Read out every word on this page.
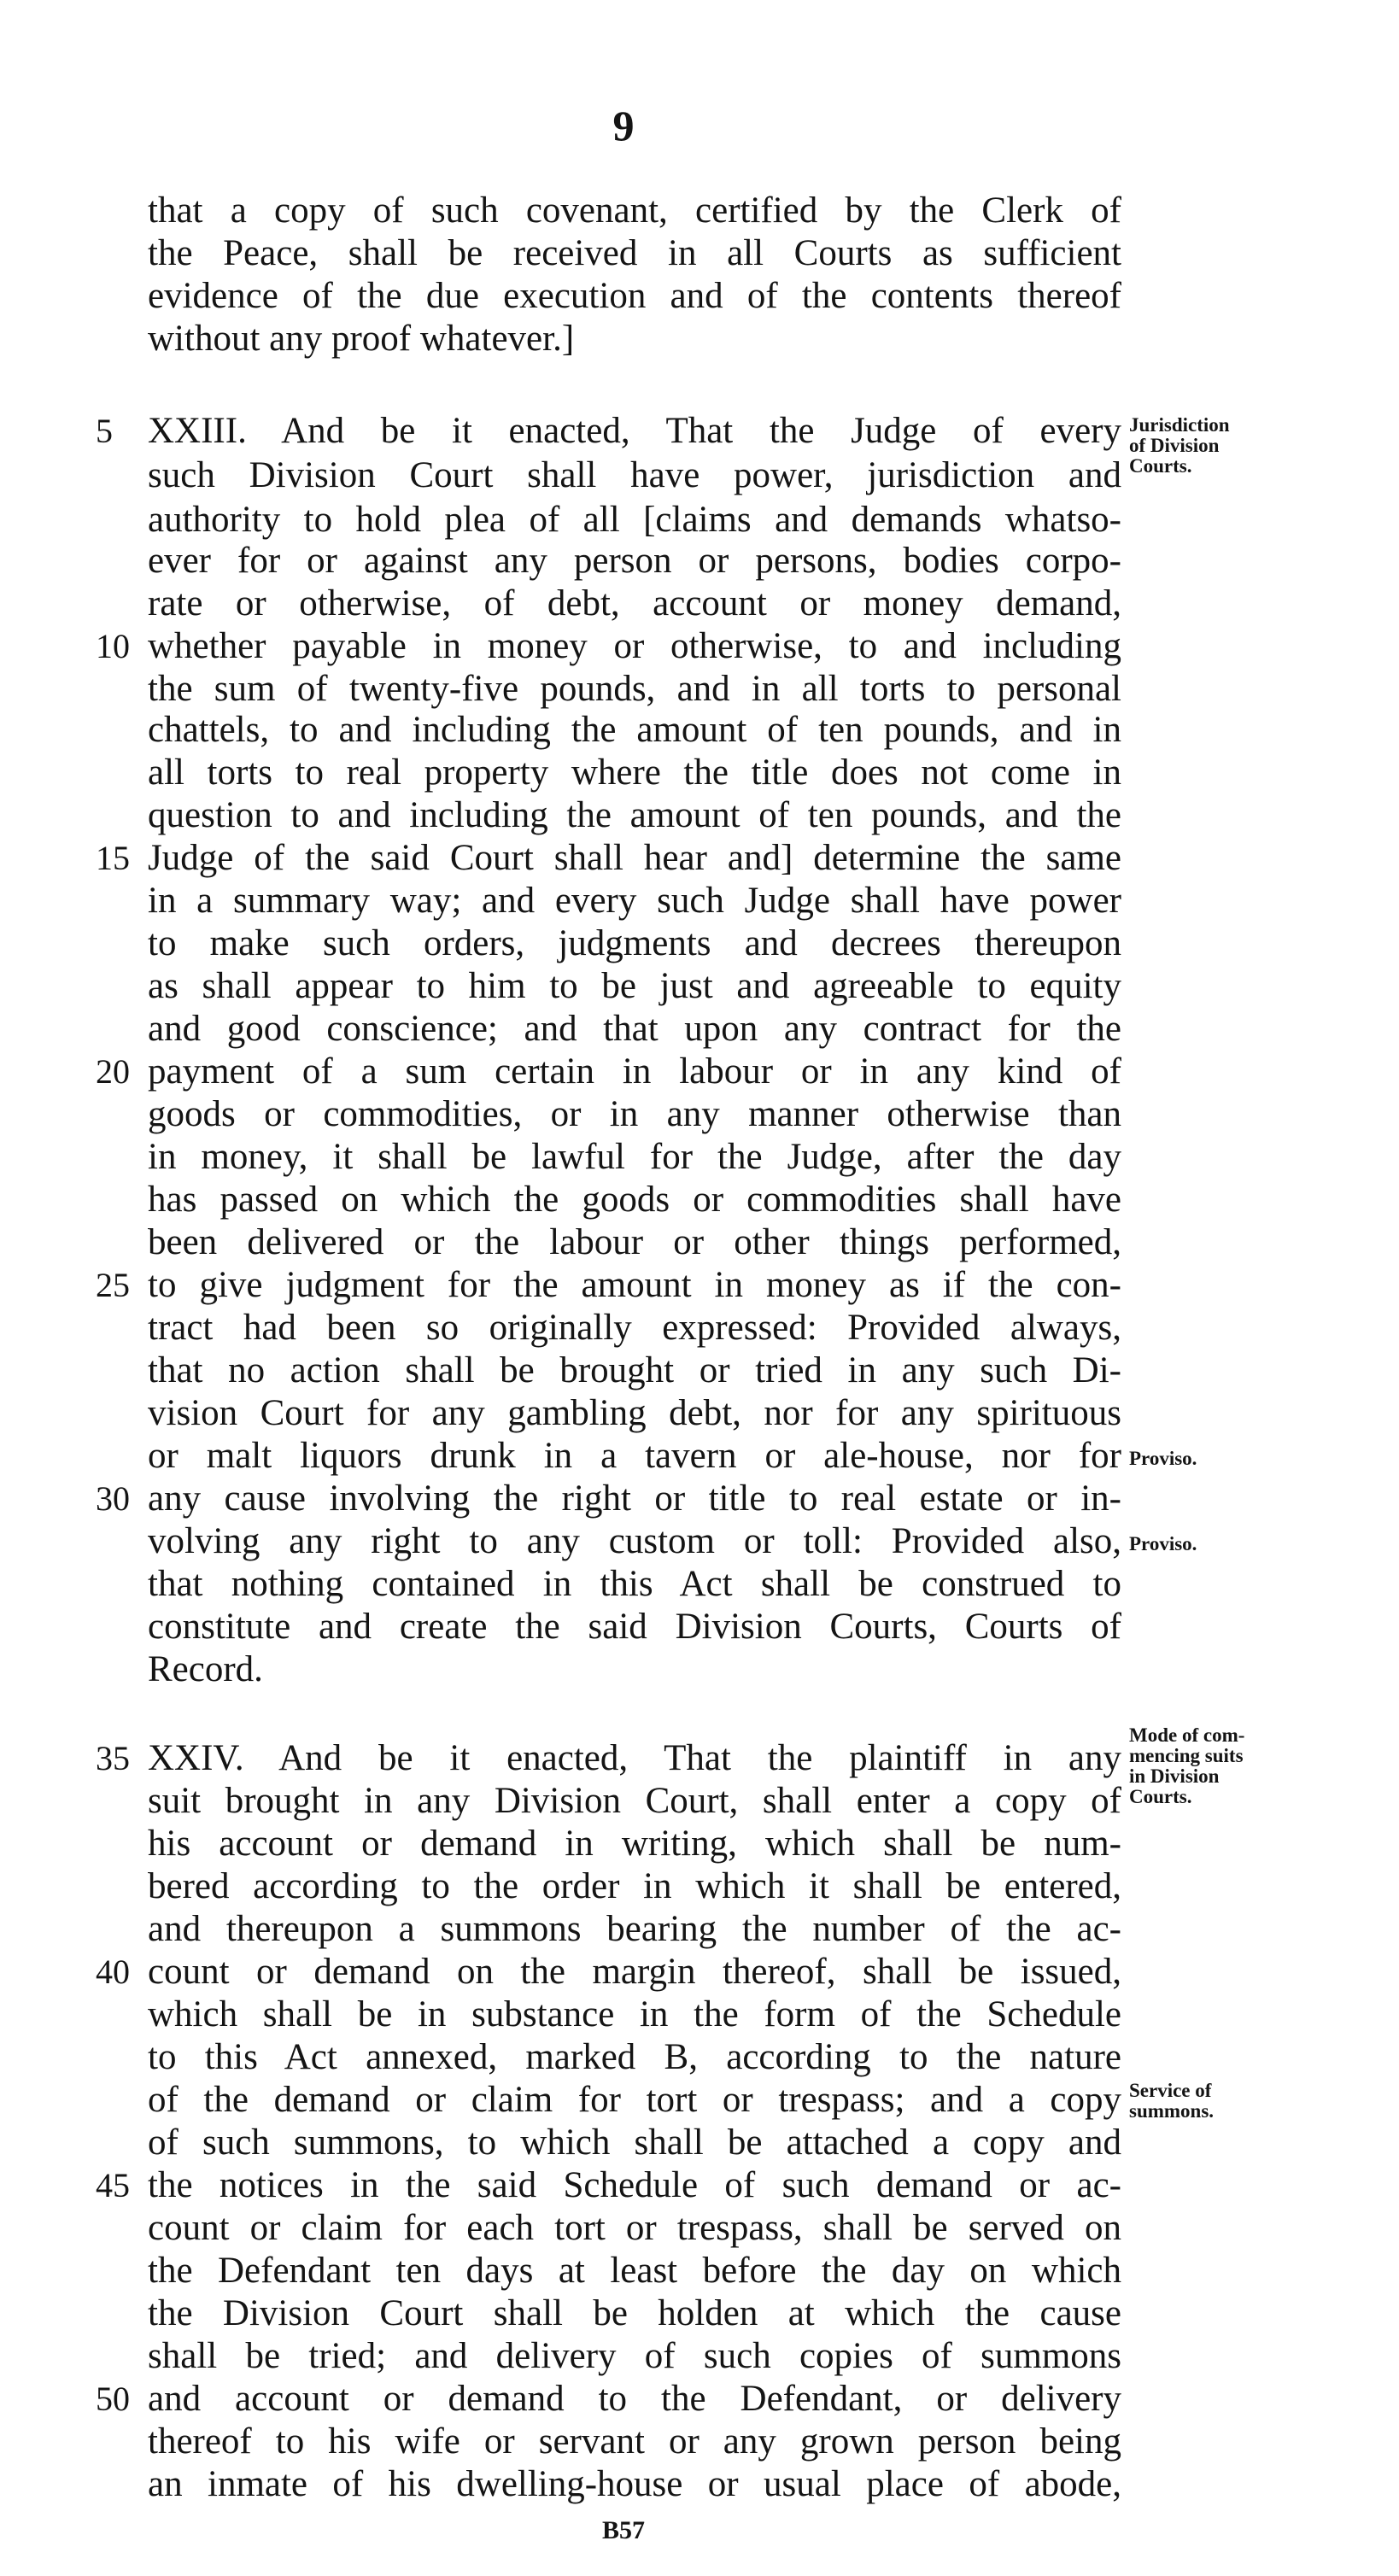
9
that a copy of such covenant, certified by the Clerk of
the Peace, shall be received in all Courts as sufficient
evidence of the due execution and of the contents thereof
without any proof whatever.]
XXIII. And be it enacted, That the Judge of every
5
such Division Court shall have power, jurisdiction and
authority to hold plea of all [claims and demands whatso-
ever for or against any person or persons, bodies corpo-
rate or otherwise, of debt, account or money demand,
whether payable in money or otherwise, to and including
10
the sum of twenty-five pounds, and in all torts to personal
chattels, to and including the amount of ten pounds, and in
all torts to real property where the title does not come in
question to and including the amount of ten pounds, and the
Judge of the said Court shall hear and] determine the same
15
in a summary way; and every such Judge shall have power
to make such orders, judgments and decrees thereupon
as shall appear to him to be just and agreeable to equity
and good conscience; and that upon any contract for the
payment of a sum certain in labour or in any kind of
20
goods or commodities, or in any manner otherwise than
in money, it shall be lawful for the Judge, after the day
has passed on which the goods or commodities shall have
been delivered or the labour or other things performed,
to give judgment for the amount in money as if the con-
25
tract had been so originally expressed: Provided always,
that no action shall be brought or tried in any such Di-
vision Court for any gambling debt, nor for any spirituous
or malt liquors drunk in a tavern or ale-house, nor for
any cause involving the right or title to real estate or in-
30
volving any right to any custom or toll: Provided also,
that nothing contained in this Act shall be construed to
constitute and create the said Division Courts, Courts of
Record.
XXIV. And be it enacted, That the plaintiff in any
35
suit brought in any Division Court, shall enter a copy of
his account or demand in writing, which shall be num-
bered according to the order in which it shall be entered,
and thereupon a summons bearing the number of the ac-
count or demand on the margin thereof, shall be issued,
40
which shall be in substance in the form of the Schedule
to this Act annexed, marked B, according to the nature
of the demand or claim for tort or trespass; and a copy
of such summons, to which shall be attached a copy and
the notices in the said Schedule of such demand or ac-
45
count or claim for each tort or trespass, shall be served on
the Defendant ten days at least before the day on which
the Division Court shall be holden at which the cause
shall be tried; and delivery of such copies of summons
and account or demand to the Defendant, or delivery
50
thereof to his wife or servant or any grown person being
an inmate of his dwelling-house or usual place of abode,
Jurisdiction
of Division
Courts.
Proviso.
Proviso.
Mode of com-
mencing suits
in Division
Courts.
Service of
summons.
B57
